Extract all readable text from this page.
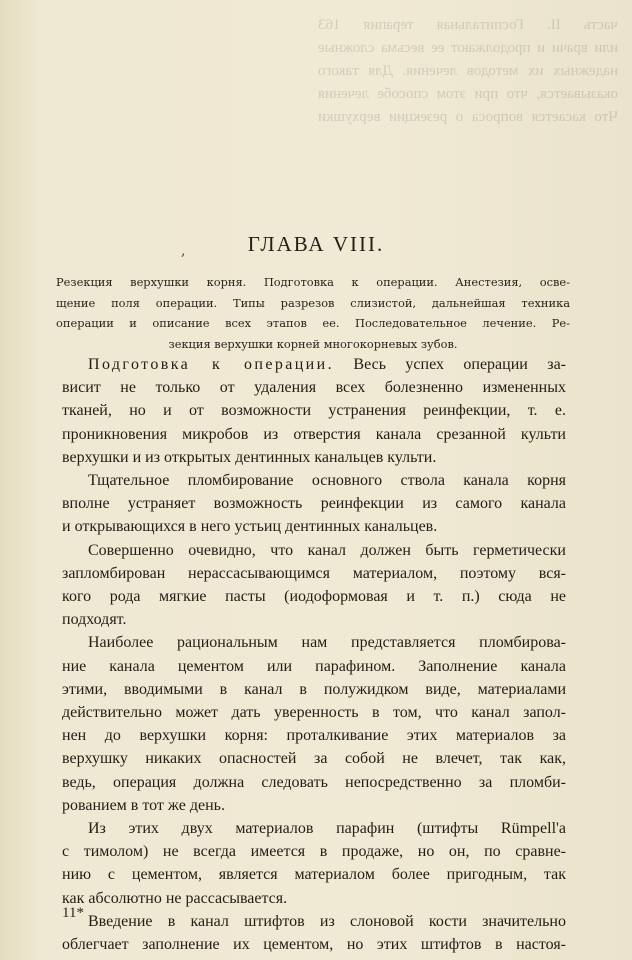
часть II. Госпитальная терапия 163
или врачи и продолжают ее весьма сложные
надежных их методов лечения. Для такого
оказывается, что при этом способе лечения
Что касается вопроса о резекции верхушки
,	ГЛАВА VIII.
Резекция верхушки корня. Подготовка к операции. Анестезия, осве-
щение поля операции. Типы разрезов слизистой, дальнейшая техника
операции и описание всех этапов ее. Последовательное лечение. Ре-
зекция верхушки корней многокорневых зубов.
Подготовка к операции. Весь успех операции за-
висит не только от удаления всех болезненно измененных
тканей, но и от возможности устранения реинфекции, т. е.
проникновения микробов из отверстия канала срезанной культи
верхушки и из открытых дентинных канальцев культи.
Тщательное пломбирование основного ствола канала корня
вполне устраняет возможность реинфекции из самого канала
и открывающихся в него устьиц дентинных канальцев.
Совершенно очевидно, что канал должен быть герметически
запломбирован нерассасывающимся материалом, поэтому вся-
кого рода мягкие пасты (иодоформовая и т. п.) сюда не
подходят.
Наиболее рациональным нам представляется пломбирова-
ние канала цементом или парафином. Заполнение канала
этими, вводимыми в канал в полужидком виде, материалами
действительно может дать уверенность в том, что канал запол-
нен до верхушки корня: проталкивание этих материалов за
верхушку никаких опасностей за собой не влечет, так как,
ведь, операция должна следовать непосредственно за пломби-
рованием в тот же день.
Из этих двух материалов парафин (штифты Rümpell'a
с тимолом) не всегда имеется в продаже, но он, по сравне-
нию с цементом, является материалом более пригодным, так
как абсолютно не рассасывается.
Введение в канал штифтов из слоновой кости значительно
облегчает заполнение их цементом, но этих штифтов в настоя-
11*
